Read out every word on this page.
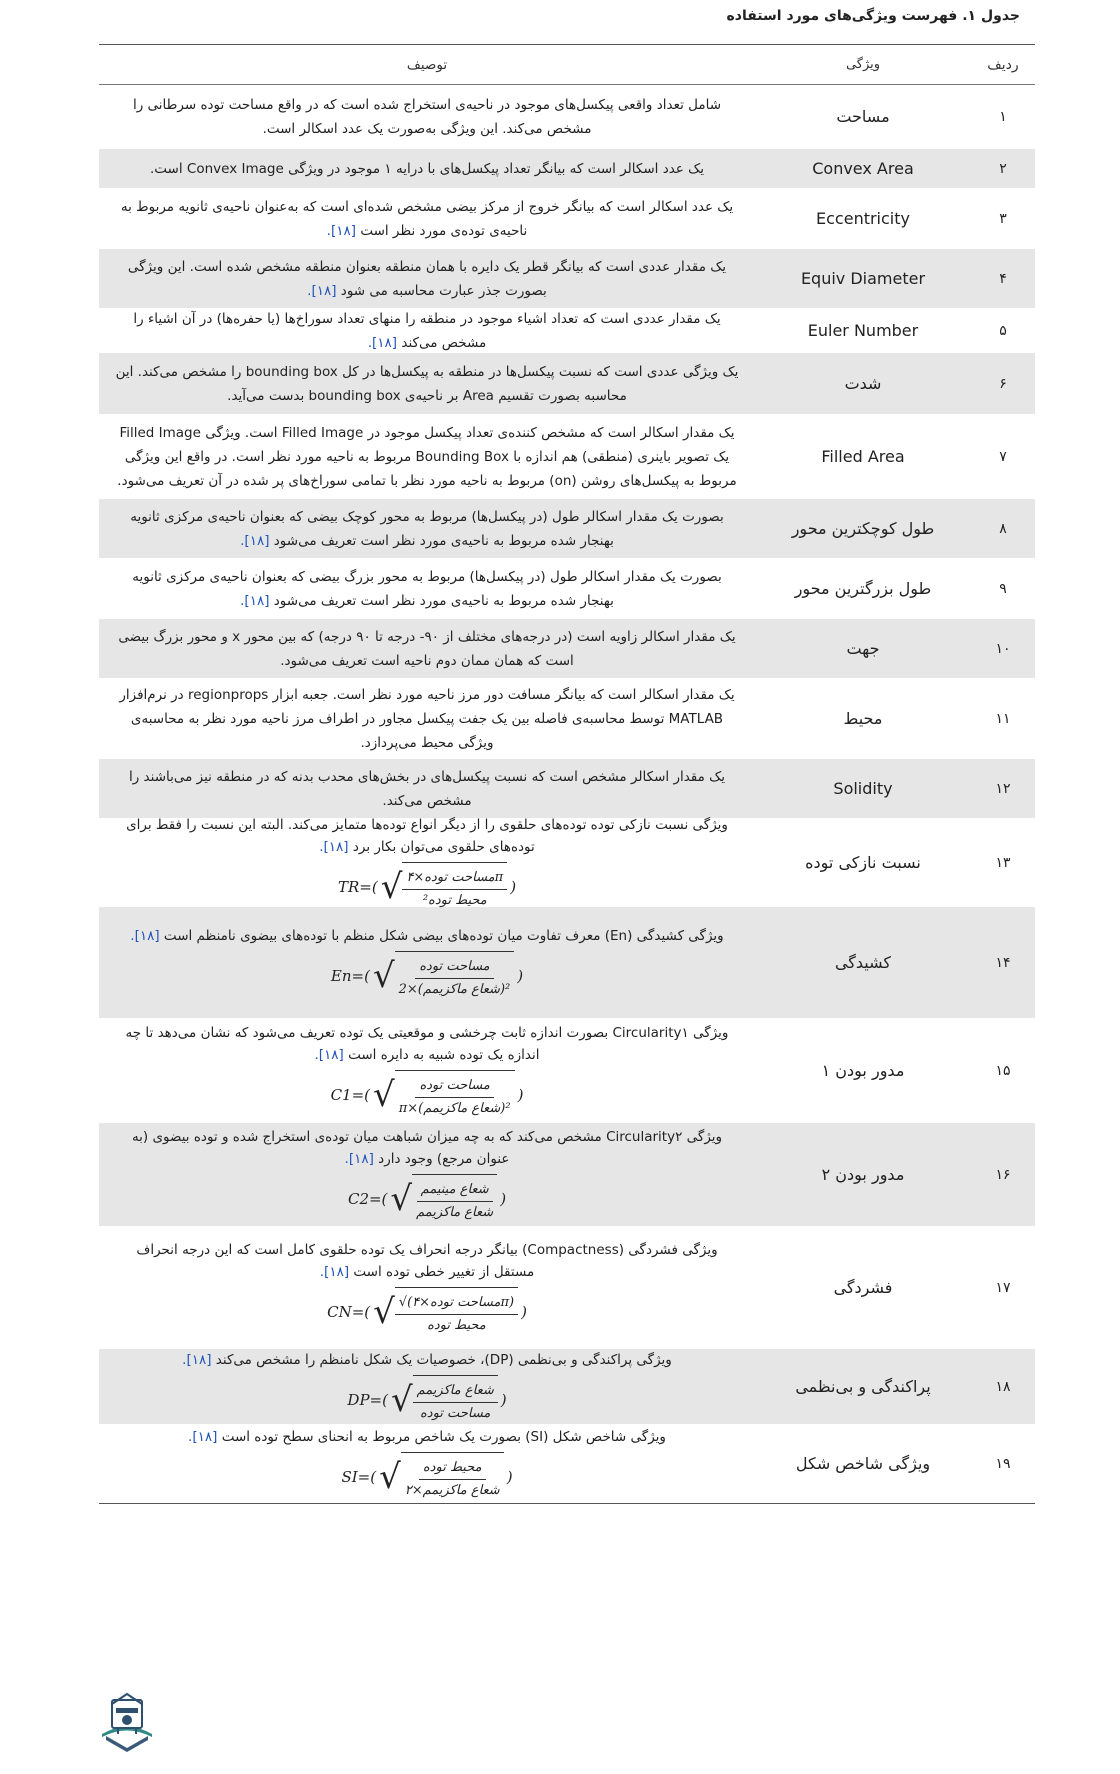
جدول ۱. فهرست ویژگی‌های مورد استفاده
ردیف
ویژگی
توصیف
۱
مساحت
شامل تعداد واقعی پیکسل‌های موجود در ناحیه‌ی استخراج شده است که در واقع مساحت توده سرطانی را مشخص می‌کند. این ویژگی به‌صورت یک عدد اسکالر است.
۲
Convex Area
یک عدد اسکالر است که بیانگر تعداد پیکسل‌های با درایه ۱ موجود در ویژگی Convex Image است.
۳
Eccentricity
یک عدد اسکالر است که بیانگر خروج از مرکز بیضی مشخص شده‌ای است که به‌عنوان ناحیه‌ی ثانویه مربوط به ناحیه‌ی توده‌ی مورد نظر است [۱۸].
۴
Equiv Diameter
یک مقدار عددی است که بیانگر قطر یک دایره با همان منطقه بعنوان منطقه مشخص شده است. این ویژگی بصورت جذر عبارت محاسبه می شود [۱۸].
۵
Euler Number
یک مقدار عددی است که تعداد اشیاء موجود در منطقه را منهای تعداد سوراخ‌ها (یا حفره‌ها) در آن اشیاء را مشخص می‌کند [۱۸].
۶
شدت
یک ویژگی عددی است که نسبت پیکسل‌ها در منطقه به پیکسل‌ها در کل bounding box را مشخص می‌کند. این محاسبه بصورت تقسیم Area بر ناحیه‌ی bounding box بدست می‌آید.
۷
Filled Area
یک مقدار اسکالر است که مشخص کننده‌ی تعداد پیکسل موجود در Filled Image است. ویژگی Filled Image یک تصویر باینری (منطقی) هم اندازه با Bounding Box مربوط به ناحیه مورد نظر است. در واقع این ویژگی مربوط به پیکسل‌های روشن (on) مربوط به ناحیه مورد نظر با تمامی سوراخ‌های پر شده در آن تعریف می‌شود.
۸
طول کوچکترین محور
بصورت یک مقدار اسکالر طول (در پیکسل‌ها) مربوط به محور کوچک بیضی که بعنوان ناحیه‌ی مرکزی ثانویه بهنجار شده مربوط به ناحیه‌ی مورد نظر است تعریف می‌شود [۱۸].
۹
طول بزرگترین محور
بصورت یک مقدار اسکالر طول (در پیکسل‌ها) مربوط به محور بزرگ بیضی که بعنوان ناحیه‌ی مرکزی ثانویه بهنجار شده مربوط به ناحیه‌ی مورد نظر است تعریف می‌شود [۱۸].
۱۰
جهت
یک مقدار اسکالر زاویه است (در درجه‌های مختلف از ۹۰- درجه تا ۹۰ درجه) که بین محور x و محور بزرگ بیضی است که همان ممان دوم ناحیه است تعریف می‌شود.
۱۱
محیط
یک مقدار اسکالر است که بیانگر مسافت دور مرز ناحیه مورد نظر است. جعبه ابزار regionprops در نرم‌افزار MATLAB توسط محاسبه‌ی فاصله بین یک جفت پیکسل مجاور در اطراف مرز ناحیه مورد نظر به محاسبه‌ی ویژگی محیط می‌پردازد.
۱۲
Solidity
یک مقدار اسکالر مشخص است که نسبت پیکسل‌های در بخش‌های محدب بدنه که در منطقه نیز می‌باشند را مشخص می‌کند.
۱۳
نسبت نازکی توده
ویژگی نسبت نازکی توده توده‌های حلقوی را از دیگر انواع توده‌ها متمایز می‌کند. البته این نسبت را فقط برای توده‌های حلقوی می‌توان بکار برد [۱۸].
TR=( √ $\frac{\text{مساحت توده×۴π}}{\text{محیط توده²}}$ )
۱۴
کشیدگی
ویژگی کشیدگی (En) معرف تفاوت میان توده‌های بیضی شکل منظم با توده‌های بیضوی نامنظم است [۱۸].
En=( √ $\frac{\text{مساحت توده}}{\text{2×(شعاع ماکزیمم)²}}$ )
۱۵
مدور بودن ۱
ویژگی Circularity۱ بصورت اندازه ثابت چرخشی و موقعیتی یک توده تعریف می‌شود که نشان می‌دهد تا چه اندازه یک توده شبیه به دایره است [۱۸].
C1=( √ $\frac{\text{مساحت توده}}{\text{π×(شعاع ماکزیمم)²}}$ )
۱۶
مدور بودن ۲
ویژگی Circularity۲ مشخص می‌کند که به چه میزان شباهت میان توده‌ی استخراج شده و توده بیضوی (به عنوان مرجع) وجود دارد [۱۸].
C2=( √ $\frac{\text{شعاع مینیمم}}{\text{شعاع ماکزیمم}}$ )
۱۷
فشردگی
ویژگی فشردگی (Compactness) بیانگر درجه انحراف یک توده حلقوی کامل است که این درجه انحراف مستقل از تغییر خطی توده است [۱۸].
CN=( √ $\frac{\text{√(مساحت توده×۴π)}}{\text{محیط توده}}$ )
۱۸
پراکندگی و بی‌نظمی
ویژگی پراکندگی و بی‌نظمی (DP)، خصوصیات یک شکل نامنظم را مشخص می‌کند [۱۸].
DP=( √ $\frac{\text{شعاع ماکزیمم}}{\text{مساحت توده}}$ )
۱۹
ویژگی شاخص شکل
ویژگی شاخص شکل (SI) بصورت یک شاخص مربوط به انحنای سطح توده است [۱۸].
SI=( √ $\frac{\text{محیط توده}}{\text{شعاع ماکزیمم×۲}}$ )
